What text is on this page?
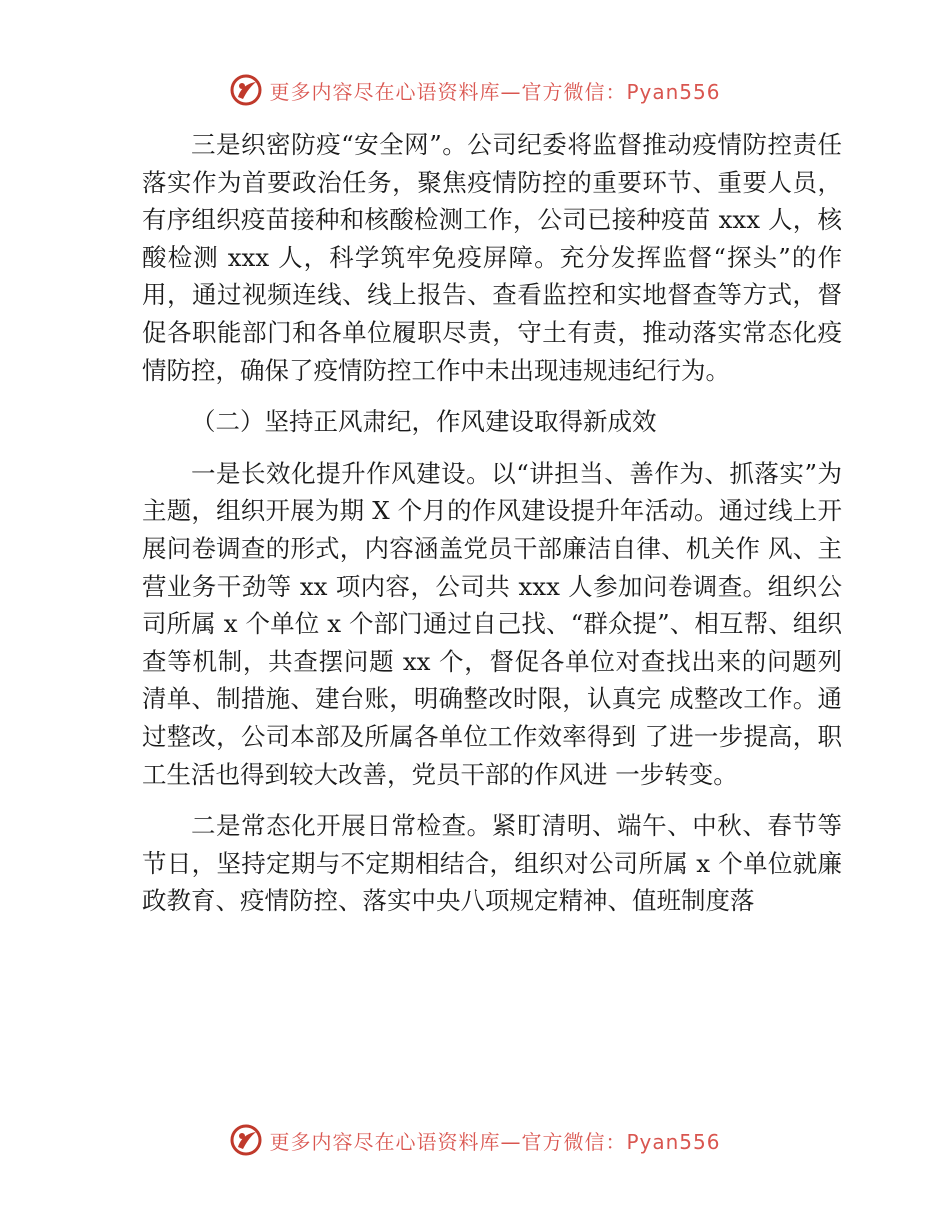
更多内容尽在心语资料库—官方微信：Pyan556

三是织密防疫“安全网”。公司纪委将监督推动疫情防控责任落实作为首要政治任务，聚焦疫情防控的重要环节、重要人员，有序组织疫苗接种和核酸检测工作，公司已接种疫苗 xxx 人，核酸检测 xxx 人，科学筑牢免疫屏障。充分发挥监督“探头”的作用，通过视频连线、线上报告、查看监控和实地督查等方式，督促各职能部门和各单位履职尽责，守土有责，推动落实常态化疫情防控，确保了疫情防控工作中未出现违规违纪行为。

（二）坚持正风肃纪，作风建设取得新成效

一是长效化提升作风建设。以“讲担当、善作为、抓落实”为主题，组织开展为期 X 个月的作风建设提升年活动。通过线上开展问卷调查的形式，内容涵盖党员干部廉洁自律、机关作 风、主营业务干劲等 xx 项内容，公司共 xxx 人参加问卷调查。组织公司所属 x 个单位 x 个部门通过自己找、“群众提”、相互帮、组织查等机制，共查摆问题 xx 个，督促各单位对查找出来的问题列清单、制措施、建台账，明确整改时限，认真完 成整改工作。通过整改，公司本部及所属各单位工作效率得到 了进一步提高，职工生活也得到较大改善，党员干部的作风进 一步转变。

二是常态化开展日常检查。紧盯清明、端午、中秋、春节等节日，坚持定期与不定期相结合，组织对公司所属 x 个单位就廉政教育、疫情防控、落实中央八项规定精神、值班制度落

更多内容尽在心语资料库—官方微信：Pyan556
